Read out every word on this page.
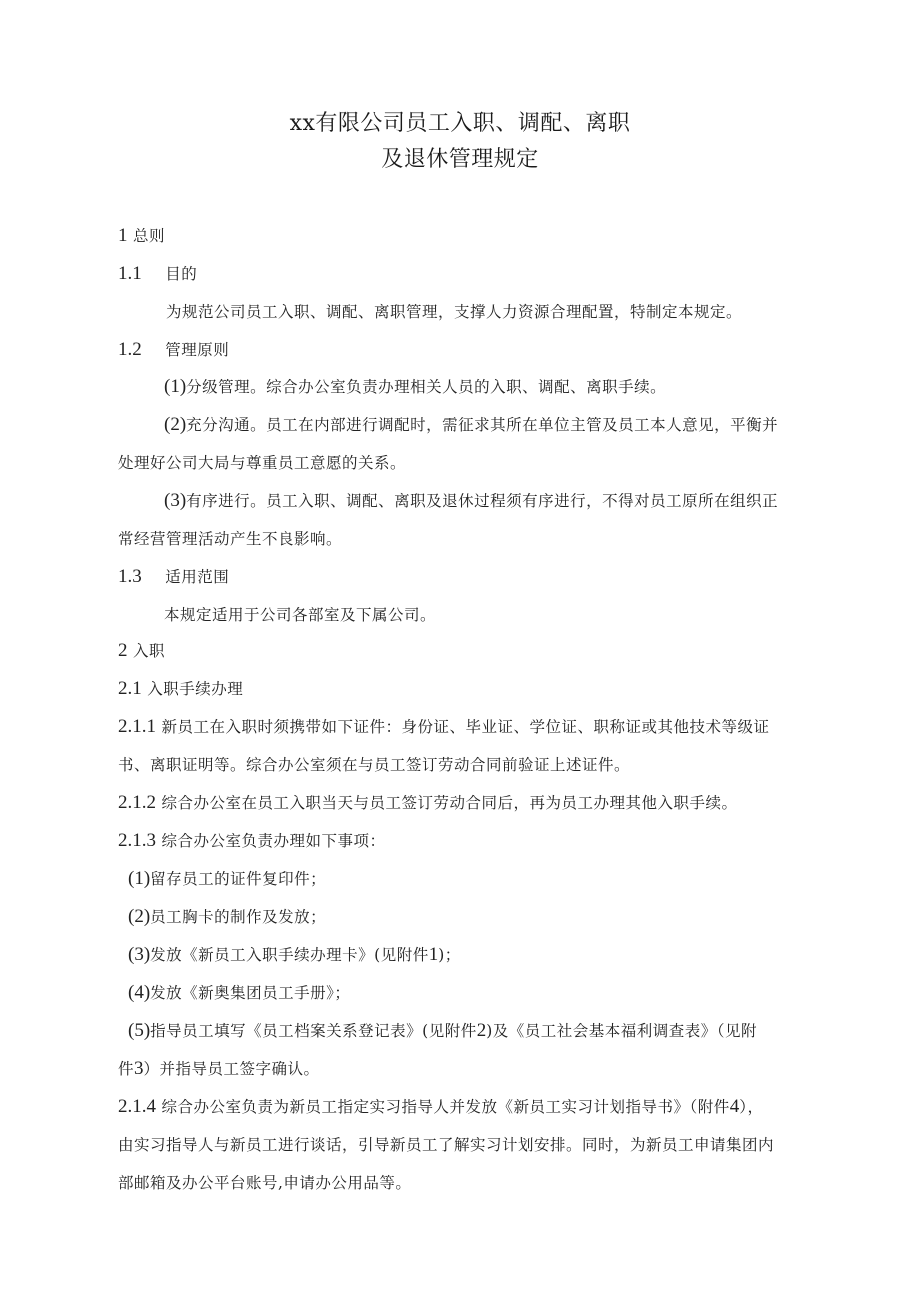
xx有限公司员工入职、调配、离职
及退休管理规定
1 总则
1.1 目的
为规范公司员工入职、调配、离职管理，支撑人力资源合理配置，特制定本规定。
1.2 管理原则
(1)分级管理。综合办公室负责办理相关人员的入职、调配、离职手续。
(2)充分沟通。员工在内部进行调配时，需征求其所在单位主管及员工本人意见，平衡并
处理好公司大局与尊重员工意愿的关系。
(3)有序进行。员工入职、调配、离职及退休过程须有序进行，不得对员工原所在组织正
常经营管理活动产生不良影响。
1.3 适用范围
本规定适用于公司各部室及下属公司。
2 入职
2.1 入职手续办理
2.1.1 新员工在入职时须携带如下证件：身份证、毕业证、学位证、职称证或其他技术等级证
书、离职证明等。综合办公室须在与员工签订劳动合同前验证上述证件。
2.1.2 综合办公室在员工入职当天与员工签订劳动合同后，再为员工办理其他入职手续。
2.1.3 综合办公室负责办理如下事项：
(1)留存员工的证件复印件；
(2)员工胸卡的制作及发放；
(3)发放《新员工入职手续办理卡》(见附件1)；
(4)发放《新奥集团员工手册》；
(5)指导员工填写《员工档案关系登记表》(见附件2)及《员工社会基本福利调查表》（见附
件3）并指导员工签字确认。
2.1.4 综合办公室负责为新员工指定实习指导人并发放《新员工实习计划指导书》（附件4），
由实习指导人与新员工进行谈话，引导新员工了解实习计划安排。同时，为新员工申请集团内
部邮箱及办公平台账号,申请办公用品等。
